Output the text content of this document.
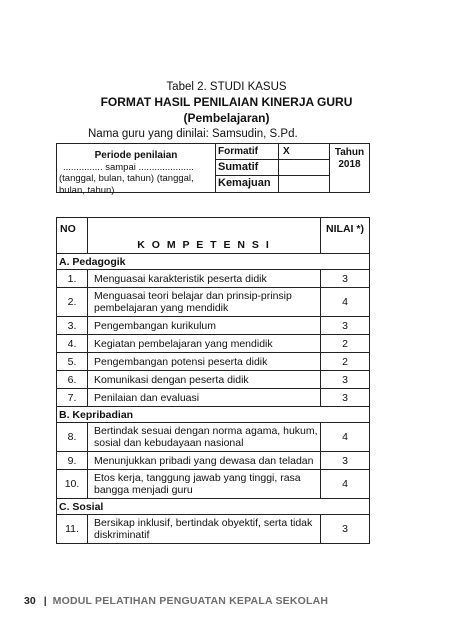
Tabel 2. STUDI KASUS
FORMAT HASIL PENILAIAN KINERJA GURU
(Pembelajaran)
Nama guru yang dinilai: Samsudin, S.Pd.
Periode penilaian
............... sampai .....................
(tanggal, bulan, tahun) (tanggal, bulan, tahun)
Formatif	X
Sumatif
Kemajuan
Tahun
2018
NO	K O M P E T E N S I	NILAI *)
A. Pedagogik		
1.	Menguasai karakteristik peserta didik	3
2.	Menguasai teori belajar dan prinsip-prinsip pembelajaran yang mendidik	4
3.	Pengembangan kurikulum	3
4.	Kegiatan pembelajaran yang mendidik	2
5.	Pengembangan potensi peserta didik	2
6.	Komunikasi dengan peserta didik	3
7.	Penilaian dan evaluasi	3
B. Kepribadian		
8.	Bertindak sesuai dengan norma agama, hukum, sosial dan kebudayaan nasional	4
9.	Menunjukkan pribadi yang dewasa dan teladan	3
10.	Etos kerja, tanggung jawab yang tinggi, rasa bangga menjadi guru	4
C. Sosial		
11.	Bersikap inklusif, bertindak obyektif, serta tidak diskriminatif	3
30 | MODUL PELATIHAN PENGUATAN KEPALA SEKOLAH
